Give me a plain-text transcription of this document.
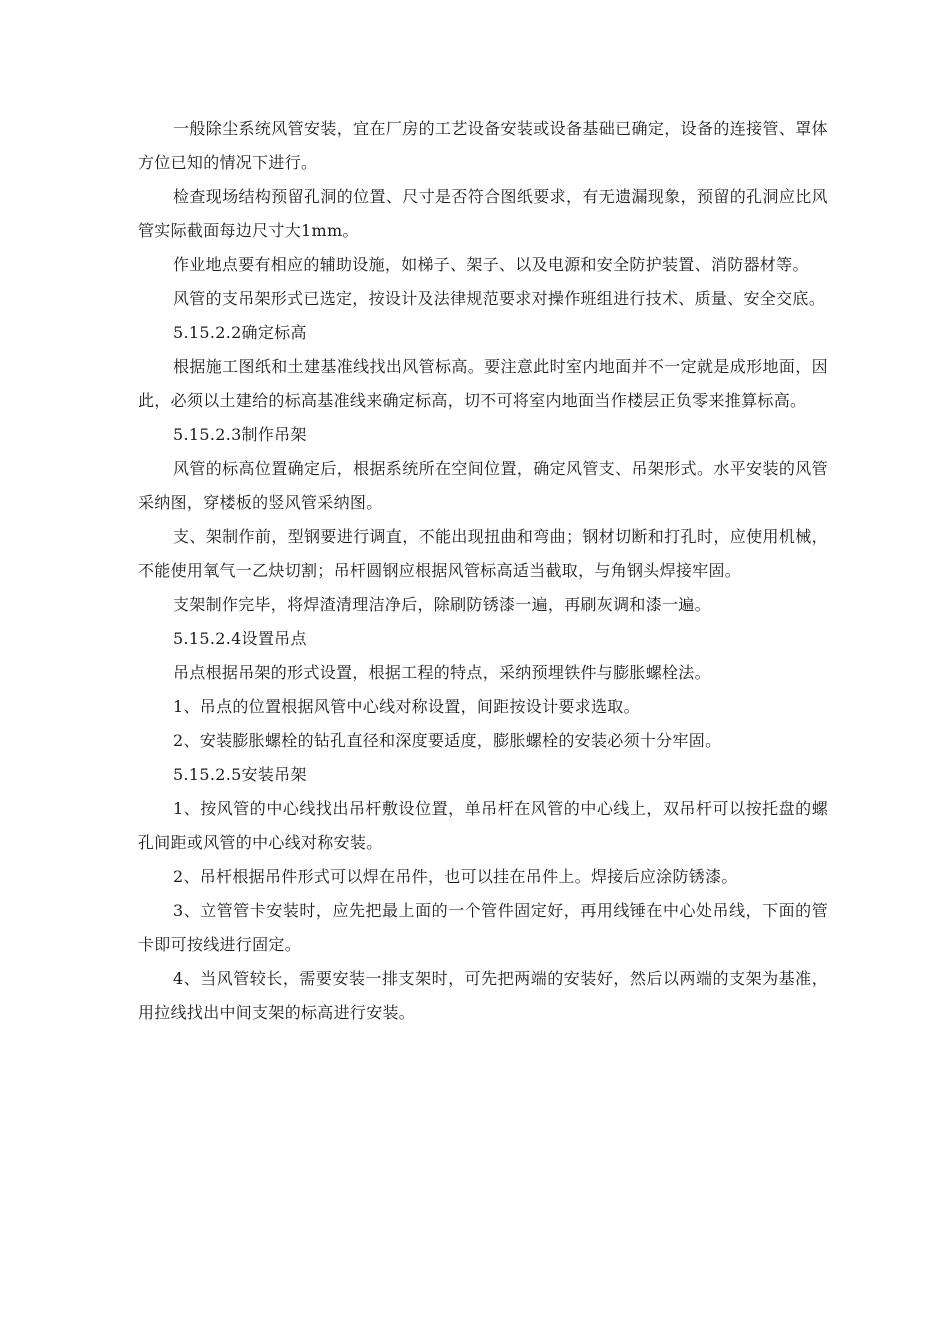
一般除尘系统风管安装，宜在厂房的工艺设备安装或设备基础已确定，设备的连接管、罩体方位已知的情况下进行。

检查现场结构预留孔洞的位置、尺寸是否符合图纸要求，有无遗漏现象，预留的孔洞应比风管实际截面每边尺寸大1mm。

作业地点要有相应的辅助设施，如梯子、架子、以及电源和安全防护装置、消防器材等。

风管的支吊架形式已选定，按设计及法律规范要求对操作班组进行技术、质量、安全交底。

5.15.2.2确定标高

根据施工图纸和土建基准线找出风管标高。要注意此时室内地面并不一定就是成形地面，因此，必须以土建给的标高基准线来确定标高，切不可将室内地面当作楼层正负零来推算标高。

5.15.2.3制作吊架

风管的标高位置确定后，根据系统所在空间位置，确定风管支、吊架形式。水平安装的风管采纳图，穿楼板的竖风管采纳图。

支、架制作前，型钢要进行调直，不能出现扭曲和弯曲；钢材切断和打孔时，应使用机械，不能使用氧气一乙炔切割；吊杆圆钢应根据风管标高适当截取，与角钢头焊接牢固。

支架制作完毕，将焊渣清理洁净后，除刷防锈漆一遍，再刷灰调和漆一遍。

5.15.2.4设置吊点

吊点根据吊架的形式设置，根据工程的特点，采纳预埋铁件与膨胀螺栓法。

1、吊点的位置根据风管中心线对称设置，间距按设计要求选取。

2、安装膨胀螺栓的钻孔直径和深度要适度，膨胀螺栓的安装必须十分牢固。

5.15.2.5安装吊架

1、按风管的中心线找出吊杆敷设位置，单吊杆在风管的中心线上，双吊杆可以按托盘的螺孔间距或风管的中心线对称安装。

2、吊杆根据吊件形式可以焊在吊件，也可以挂在吊件上。焊接后应涂防锈漆。

3、立管管卡安装时，应先把最上面的一个管件固定好，再用线锤在中心处吊线，下面的管卡即可按线进行固定。

4、当风管较长，需要安装一排支架时，可先把两端的安装好，然后以两端的支架为基准，用拉线找出中间支架的标高进行安装。
